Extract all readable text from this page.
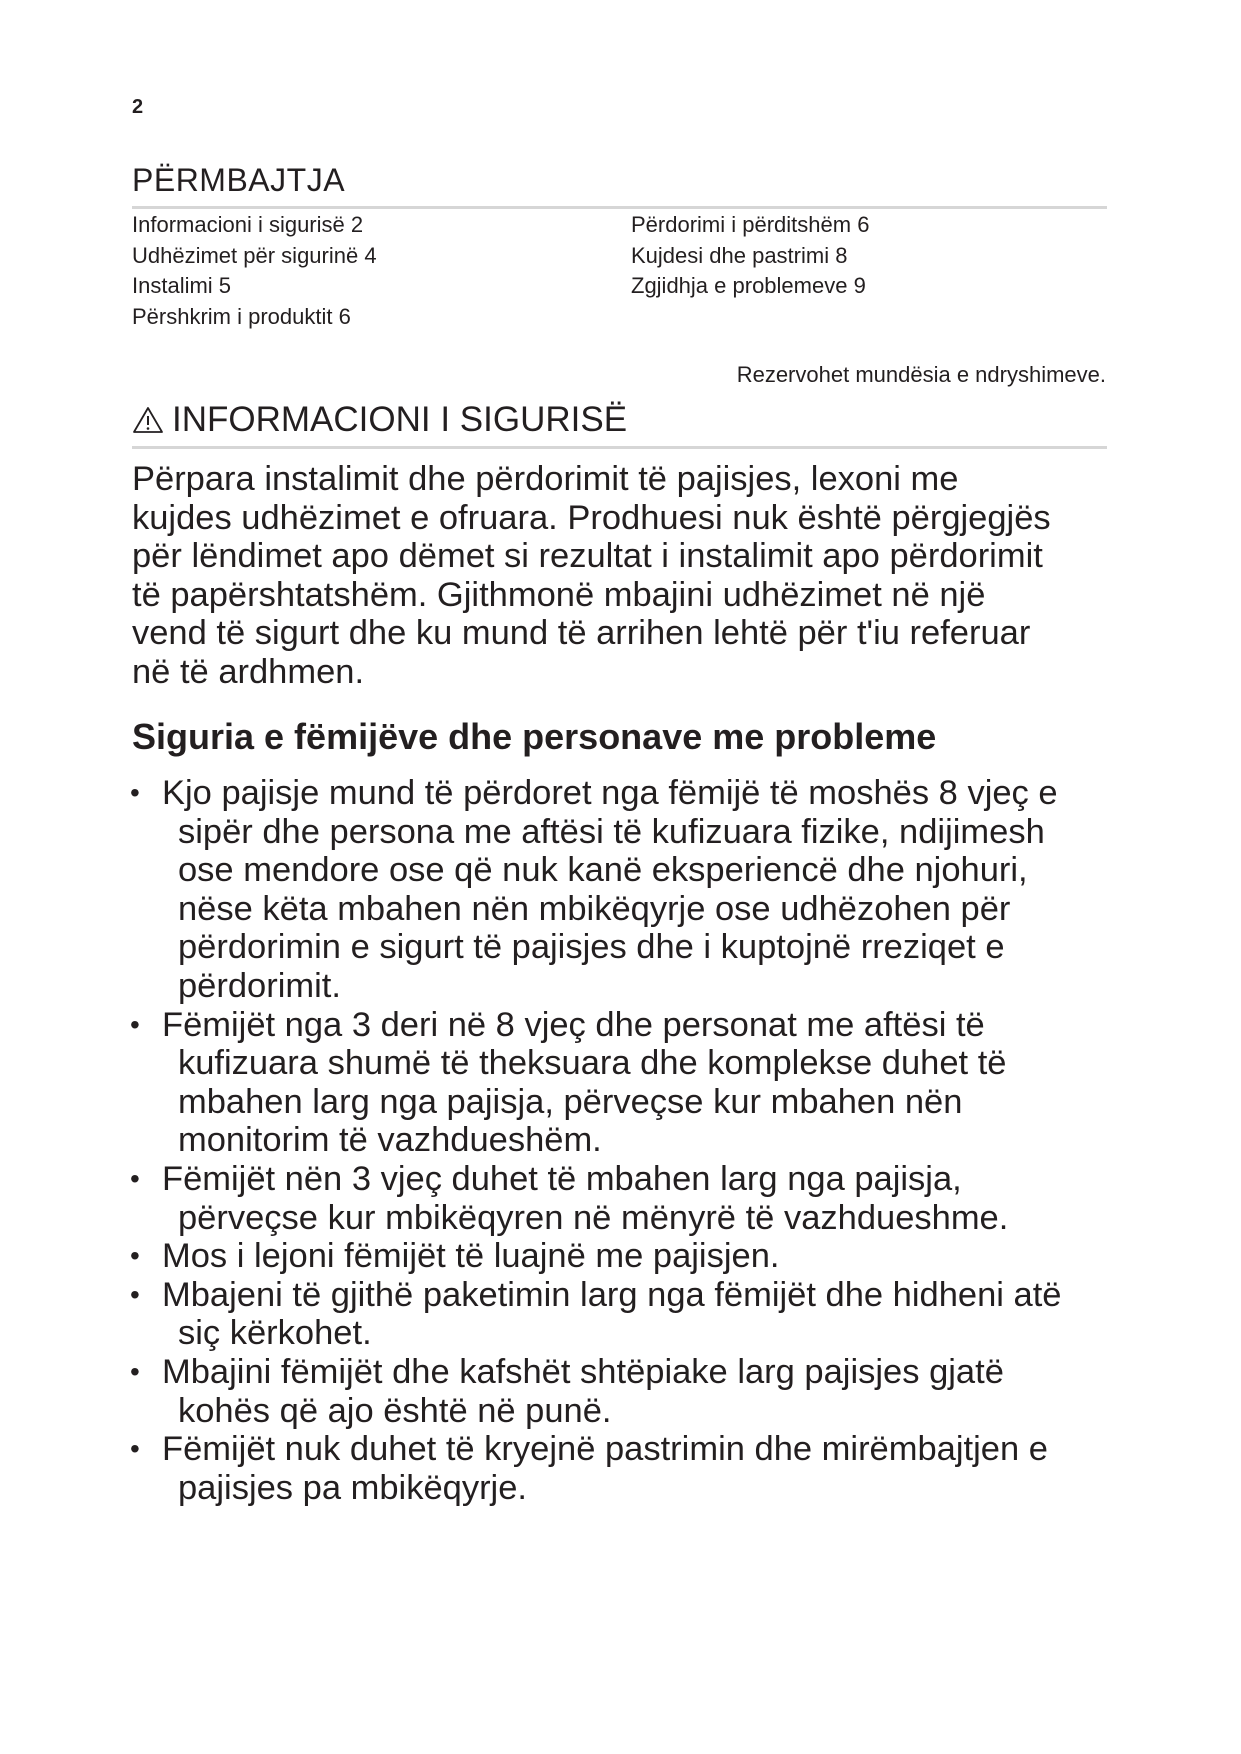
2
PËRMBAJTJA
Informacioni i sigurisë 2
Udhëzimet për sigurinë 4
Instalimi 5
Përshkrim i produktit 6
Përdorimi i përditshëm 6
Kujdesi dhe pastrimi 8
Zgjidhja e problemeve 9
Rezervohet mundësia e ndryshimeve.
INFORMACIONI I SIGURISË
Përpara instalimit dhe përdorimit të pajisjes, lexoni me
kujdes udhëzimet e ofruara. Prodhuesi nuk është përgjegjës
për lëndimet apo dëmet si rezultat i instalimit apo përdorimit
të papërshtatshëm. Gjithmonë mbajini udhëzimet në një
vend të sigurt dhe ku mund të arrihen lehtë për t'iu referuar
në të ardhmen.
Siguria e fëmijëve dhe personave me probleme
• Kjo pajisje mund të përdoret nga fëmijë të moshës 8 vjeç e
sipër dhe persona me aftësi të kufizuara fizike, ndijimesh
ose mendore ose që nuk kanë eksperiencë dhe njohuri,
nëse këta mbahen nën mbikëqyrje ose udhëzohen për
përdorimin e sigurt të pajisjes dhe i kuptojnë rreziqet e
përdorimit.
• Fëmijët nga 3 deri në 8 vjeç dhe personat me aftësi të
kufizuara shumë të theksuara dhe komplekse duhet të
mbahen larg nga pajisja, përveçse kur mbahen nën
monitorim të vazhdueshëm.
• Fëmijët nën 3 vjeç duhet të mbahen larg nga pajisja,
përveçse kur mbikëqyren në mënyrë të vazhdueshme.
• Mos i lejoni fëmijët të luajnë me pajisjen.
• Mbajeni të gjithë paketimin larg nga fëmijët dhe hidheni atë
siç kërkohet.
• Mbajini fëmijët dhe kafshët shtëpiake larg pajisjes gjatë
kohës që ajo është në punë.
• Fëmijët nuk duhet të kryejnë pastrimin dhe mirëmbajtjen e
pajisjes pa mbikëqyrje.
